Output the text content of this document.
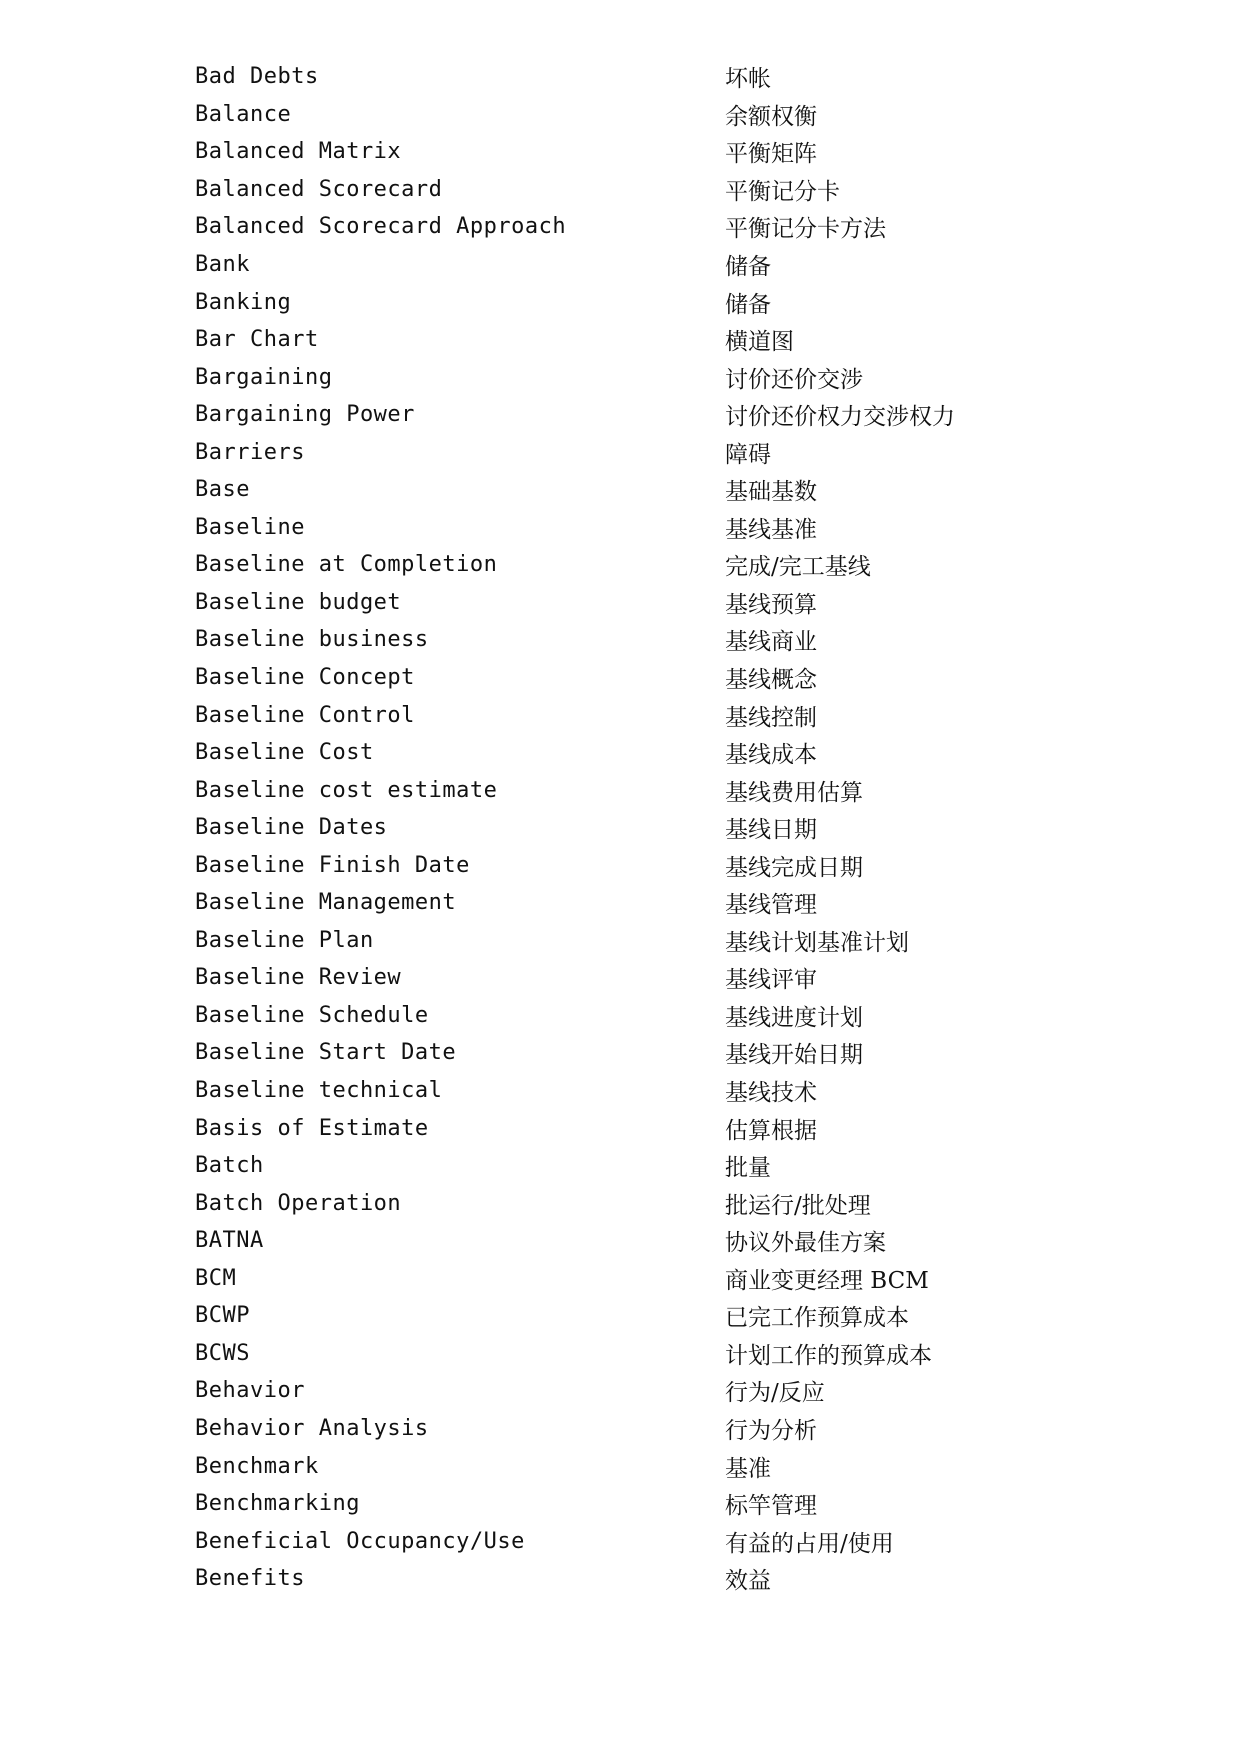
Bad Debts	坏帐
Balance	余额权衡
Balanced Matrix	平衡矩阵
Balanced Scorecard	平衡记分卡
Balanced Scorecard Approach	平衡记分卡方法
Bank	储备
Banking	储备
Bar Chart	横道图
Bargaining	讨价还价交涉
Bargaining Power	讨价还价权力交涉权力
Barriers	障碍
Base	基础基数
Baseline	基线基准
Baseline at Completion	完成/完工基线
Baseline budget	基线预算
Baseline business	基线商业
Baseline Concept	基线概念
Baseline Control	基线控制
Baseline Cost	基线成本
Baseline cost estimate	基线费用估算
Baseline Dates	基线日期
Baseline Finish Date	基线完成日期
Baseline Management	基线管理
Baseline Plan	基线计划基准计划
Baseline Review	基线评审
Baseline Schedule	基线进度计划
Baseline Start Date	基线开始日期
Baseline technical	基线技术
Basis of Estimate	估算根据
Batch	批量
Batch Operation	批运行/批处理
BATNA	协议外最佳方案
BCM	商业变更经理 BCM
BCWP	已完工作预算成本
BCWS	计划工作的预算成本
Behavior	行为/反应
Behavior Analysis	行为分析
Benchmark	基准
Benchmarking	标竿管理
Beneficial Occupancy/Use	有益的占用/使用
Benefits	效益
